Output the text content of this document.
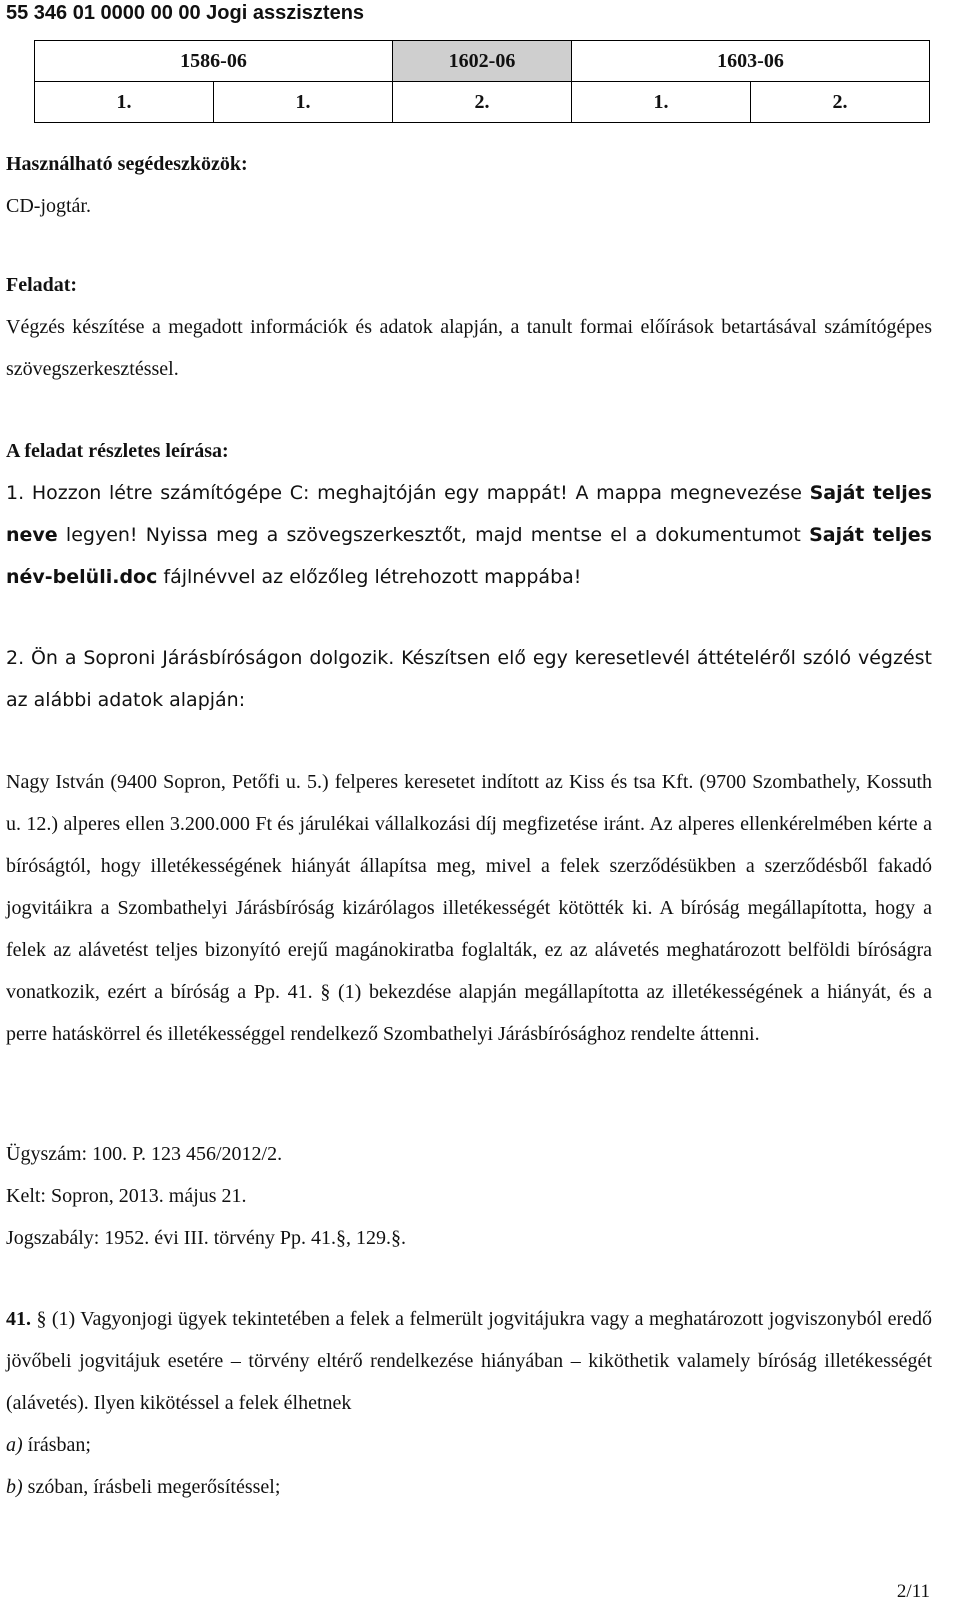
55 346 01 0000 00 00 Jogi asszisztens
1586-06		1602-06	1603-06	
1.	1.	2.	1.	2.

Használható segédeszközök:

CD-jogtár.

Feladat:

Végzés készítése a megadott információk és adatok alapján, a tanult formai előírások betartásával számítógépes szövegszerkesztéssel.

A feladat részletes leírása:

1. Hozzon létre számítógépe C: meghajtóján egy mappát! A mappa megnevezése Saját teljes neve legyen! Nyissa meg a szövegszerkesztőt, majd mentse el a dokumentumot Saját teljes név-belüli.doc fájlnévvel az előzőleg létrehozott mappába!

2. Ön a Soproni Járásbíróságon dolgozik. Készítsen elő egy keresetlevél áttételéről szóló végzést az alábbi adatok alapján:

Nagy István (9400 Sopron, Petőfi u. 5.) felperes keresetet indított az Kiss és tsa Kft. (9700 Szombathely, Kossuth u. 12.) alperes ellen 3.200.000 Ft és járulékai vállalkozási díj megfizetése iránt. Az alperes ellenkérelmében kérte a bíróságtól, hogy illetékességének hiányát állapítsa meg, mivel a felek szerződésükben a szerződésből fakadó jogvitáikra a Szombathelyi Járásbíróság kizárólagos illetékességét kötötték ki. A bíróság megállapította, hogy a felek az alávetést teljes bizonyító erejű magánokiratba foglalták, ez az alávetés meghatározott belföldi bíróságra vonatkozik, ezért a bíróság a Pp. 41. § (1) bekezdése alapján megállapította az illetékességének a hiányát, és a perre hatáskörrel és illetékességgel rendelkező Szombathelyi Járásbírósághoz rendelte áttenni.

Ügyszám: 100. P. 123 456/2012/2.

Kelt: Sopron, 2013. május 21.

Jogszabály: 1952. évi III. törvény Pp. 41.§, 129.§.

41. § (1) Vagyonjogi ügyek tekintetében a felek a felmerült jogvitájukra vagy a meghatározott jogviszonyból eredő jövőbeli jogvitájuk esetére – törvény eltérő rendelkezése hiányában – kiköthetik valamely bíróság illetékességét (alávetés). Ilyen kikötéssel a felek élhetnek

a) írásban;

b) szóban, írásbeli megerősítéssel;

2/11
